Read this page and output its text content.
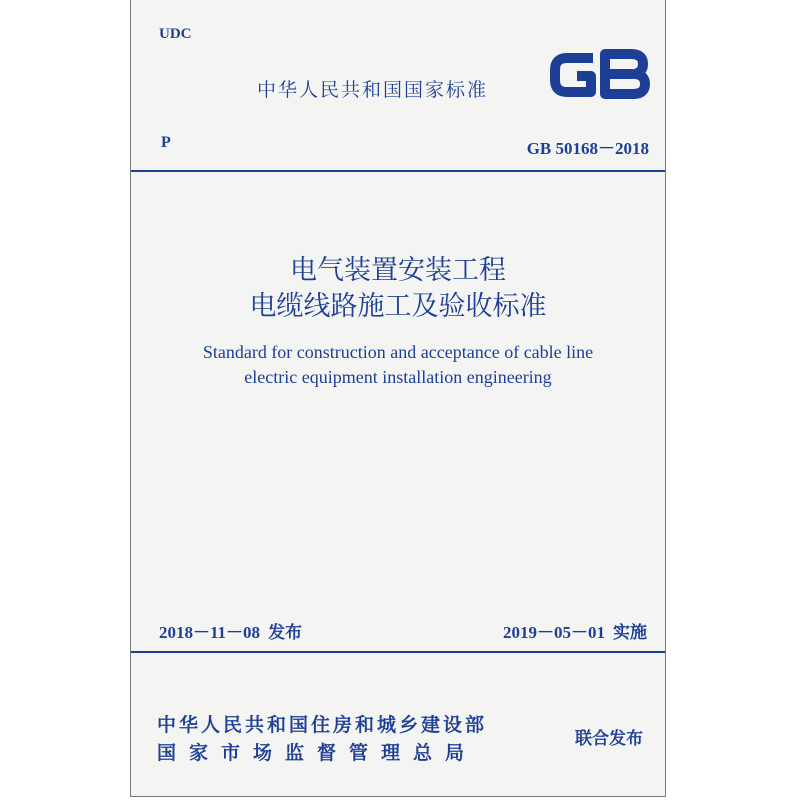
UDC
中华人民共和国国家标准
P	GB 50168－2018
电气装置安装工程
电缆线路施工及验收标准
Standard for construction and acceptance of cable line
electric equipment installation engineering
2018－11－08 发布	2019－05－01 实施
中华人民共和国住房和城乡建设部
国家市场监督管理总局
联合发布
